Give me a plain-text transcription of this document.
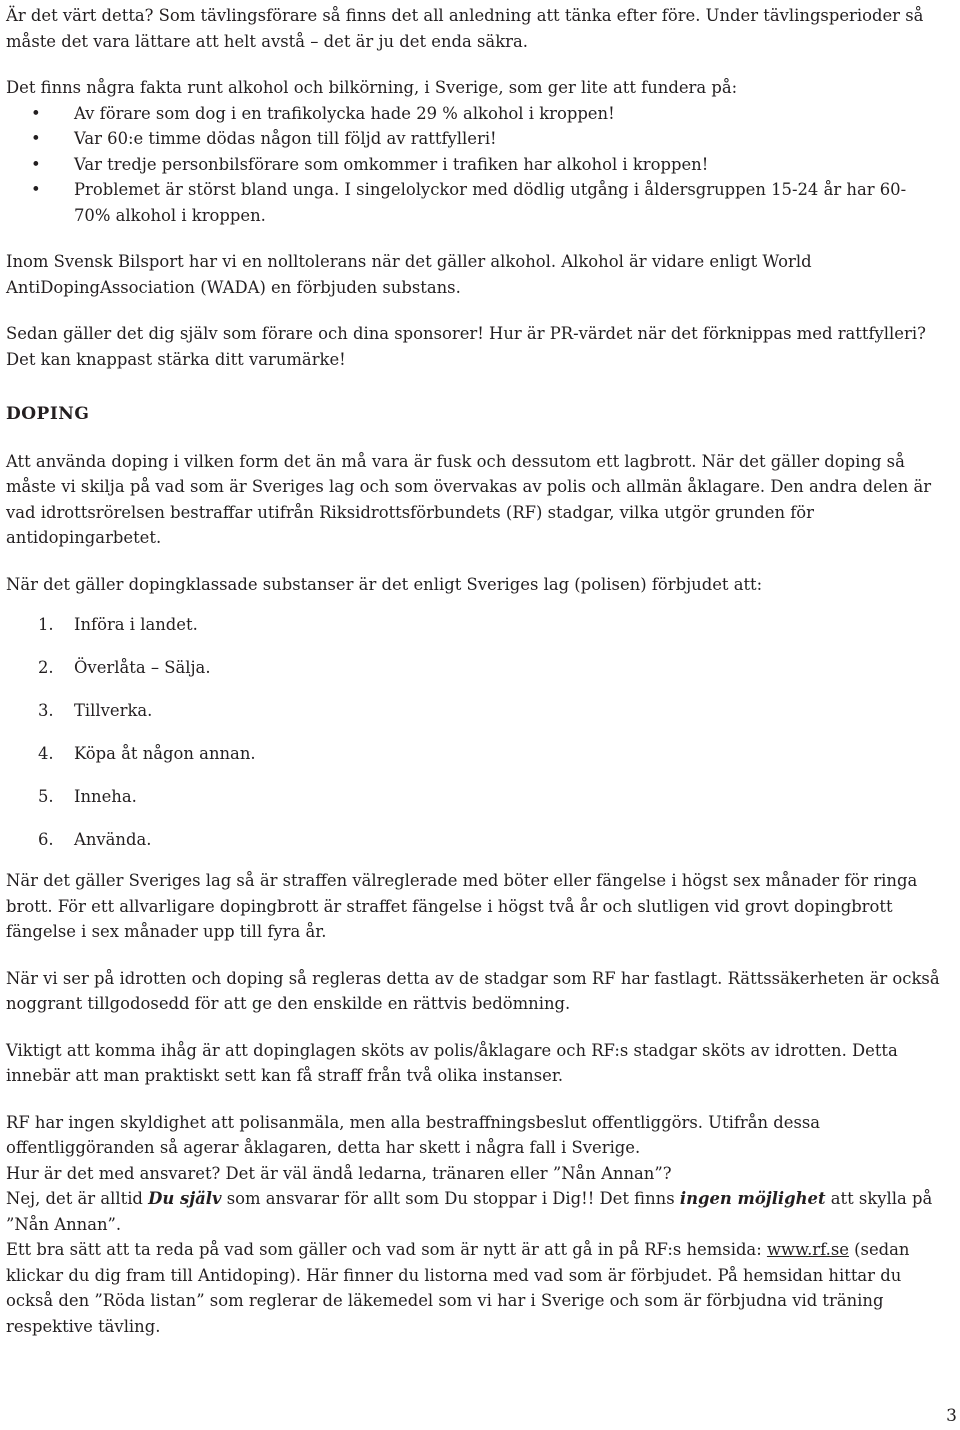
Är det värt detta? Som tävlingsförare så finns det all anledning att tänka efter före. Under tävlingsperioder så måste det vara lättare att helt avstå – det är ju det enda säkra.

Det finns några fakta runt alkohol och bilkörning, i Sverige, som ger lite att fundera på:

• Av förare som dog i en trafikolycka hade 29 % alkohol i kroppen!
• Var 60:e timme dödas någon till följd av rattfylleri!
• Var tredje personbilsförare som omkommer i trafiken har alkohol i kroppen!
• Problemet är störst bland unga. I singelolyckor med dödlig utgång i åldersgruppen 15-24 år har 60-70% alkohol i kroppen.

Inom Svensk Bilsport har vi en nolltolerans när det gäller alkohol. Alkohol är vidare enligt World AntiDopingAssociation (WADA) en förbjuden substans.

Sedan gäller det dig själv som förare och dina sponsorer! Hur är PR-värdet när det förknippas med rattfylleri? Det kan knappast stärka ditt varumärke!

DOPING

Att använda doping i vilken form det än må vara är fusk och dessutom ett lagbrott. När det gäller doping så måste vi skilja på vad som är Sveriges lag och som övervakas av polis och allmän åklagare. Den andra delen är vad idrottsrörelsen bestraffar utifrån Riksidrottsförbundets (RF) stadgar, vilka utgör grunden för antidopingarbetet.

När det gäller dopingklassade substanser är det enligt Sveriges lag (polisen) förbjudet att:

1.	Införa i landet.
2.	Överlåta – Sälja.
3.	Tillverka.
4.	Köpa åt någon annan.
5.	Inneha.
6.	Använda.

När det gäller Sveriges lag så är straffen välreglerade med böter eller fängelse i högst sex månader för ringa brott. För ett allvarligare dopingbrott är straffet fängelse i högst två år och slutligen vid grovt dopingbrott fängelse i sex månader upp till fyra år.

När vi ser på idrotten och doping så regleras detta av de stadgar som RF har fastlagt. Rättssäkerheten är också noggrant tillgodosedd för att ge den enskilde en rättvis bedömning.

Viktigt att komma ihåg är att dopinglagen sköts av polis/åklagare och RF:s stadgar sköts av idrotten. Detta innebär att man praktiskt sett kan få straff från två olika instanser.

RF har ingen skyldighet att polisanmäla, men alla bestraffningsbeslut offentliggörs. Utifrån dessa offentliggöranden så agerar åklagaren, detta har skett i några fall i Sverige.

Hur är det med ansvaret? Det är väl ändå ledarna, tränaren eller ”Nån Annan”?

Nej, det är alltid Du själv som ansvarar för allt som Du stoppar i Dig!! Det finns ingen möjlighet att skylla på ”Nån Annan”.

Ett bra sätt att ta reda på vad som gäller och vad som är nytt är att gå in på RF:s hemsida: www.rf.se (sedan klickar du dig fram till Antidoping). Här finner du listorna med vad som är förbjudet. På hemsidan hittar du också den ”Röda listan” som reglerar de läkemedel som vi har i Sverige och som är förbjudna vid träning respektive tävling.

3
